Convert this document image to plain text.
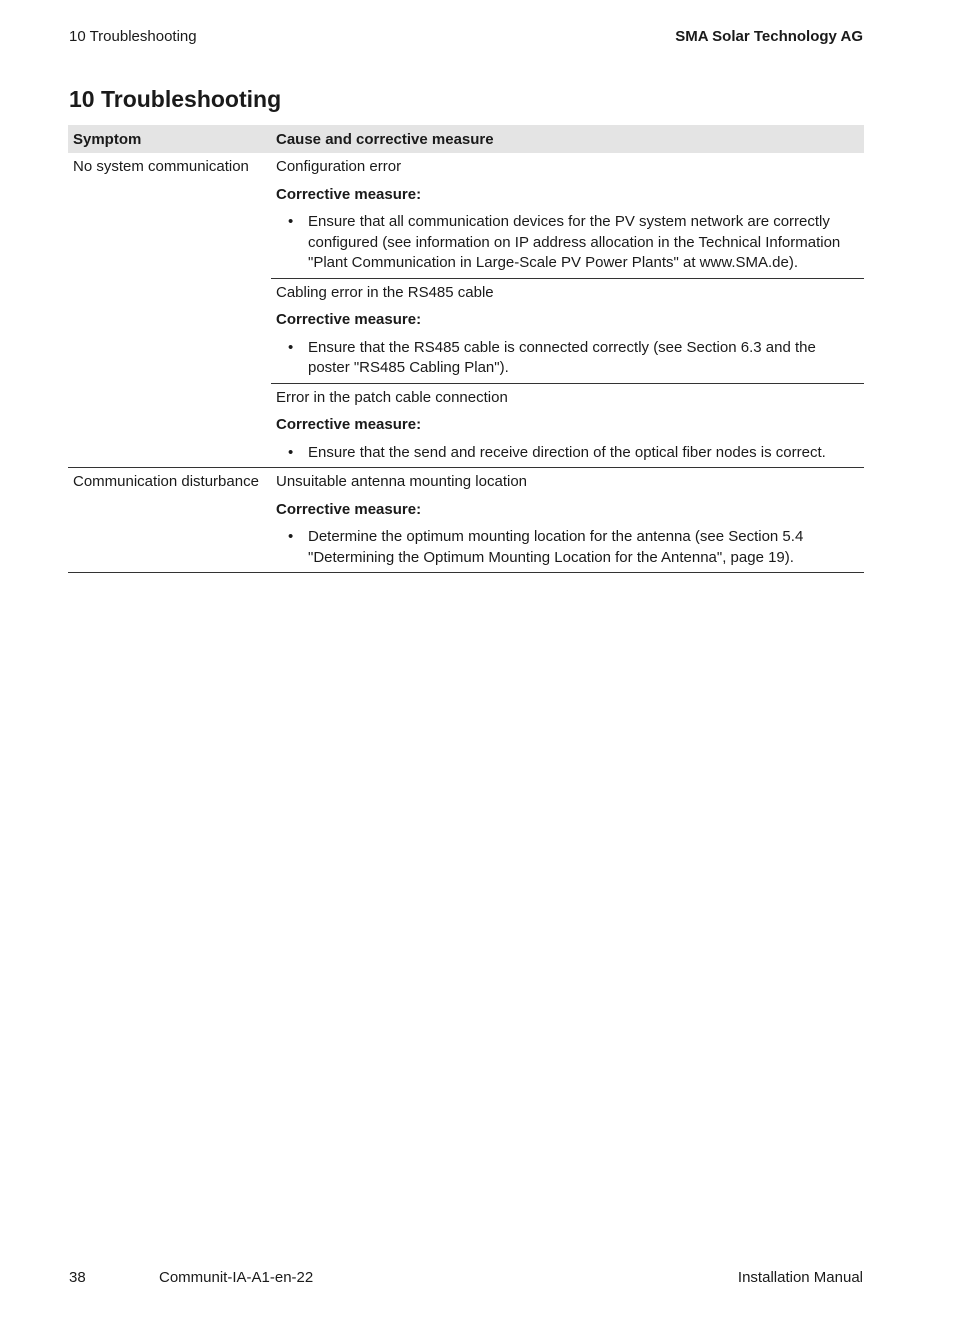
10 Troubleshooting	SMA Solar Technology AG
10 Troubleshooting
Symptom	Cause and corrective measure
No system communication	Configuration error
Corrective measure:
• Ensure that all communication devices for the PV system network are correctly configured (see information on IP address allocation in the Technical Information "Plant Communication in Large-Scale PV Power Plants" at www.SMA.de).
Cabling error in the RS485 cable
Corrective measure:
• Ensure that the RS485 cable is connected correctly (see Section 6.3 and the poster "RS485 Cabling Plan").
Error in the patch cable connection
Corrective measure:
• Ensure that the send and receive direction of the optical fiber nodes is correct.
Communication disturbance	Unsuitable antenna mounting location
Corrective measure:
• Determine the optimum mounting location for the antenna (see Section 5.4 "Determining the Optimum Mounting Location for the Antenna", page 19).
38	Communit-IA-A1-en-22	Installation Manual
